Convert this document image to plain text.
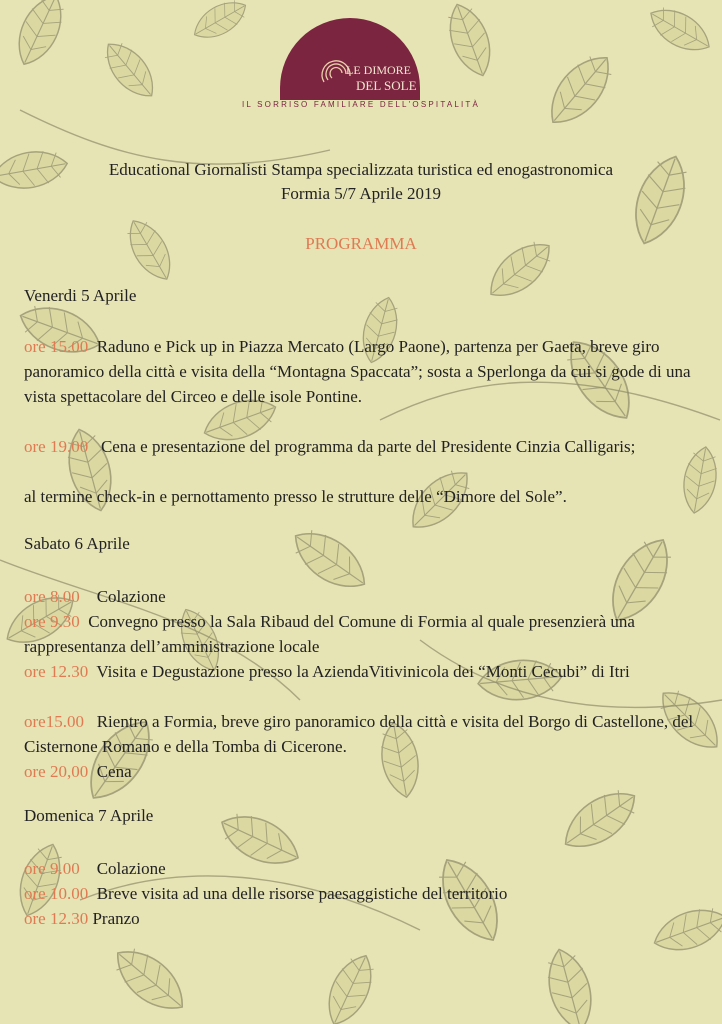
LE DIMORE
DEL SOLE
IL SORRISO FAMILIARE DELL'OSPITALITÀ
Educational Giornalisti Stampa specializzata turistica ed enogastronomica
Formia 5/7 Aprile 2019
PROGRAMMA
Venerdi 5 Aprile
ore 15.00  Raduno e Pick up in Piazza Mercato (Largo Paone), partenza per Gaeta, breve giro panoramico della città e visita della “Montagna Spaccata”; sosta a Sperlonga da cui si gode di una vista spettacolare del Circeo e delle isole Pontine.
ore 19.00   Cena e presentazione del programma da parte del Presidente Cinzia Calligaris;
al termine check-in e pernottamento presso le strutture delle “Dimore del Sole”.
Sabato 6 Aprile
ore 8.00    Colazione
ore 9.30  Convegno presso la Sala Ribaud del Comune di Formia al quale presenzierà una rappresentanza dell’amministrazione locale
ore 12.30  Visita e Degustazione presso la AziendaVitivinicola dei “Monti Cecubi” di Itri
ore15.00   Rientro a Formia, breve giro panoramico della città e visita del Borgo di Castellone, del Cisternone Romano e della Tomba di Cicerone.
ore 20,00  Cena
Domenica 7 Aprile
ore 9.00    Colazione
ore 10.00  Breve visita ad una delle risorse paesaggistiche del territorio
ore 12.30 Pranzo
